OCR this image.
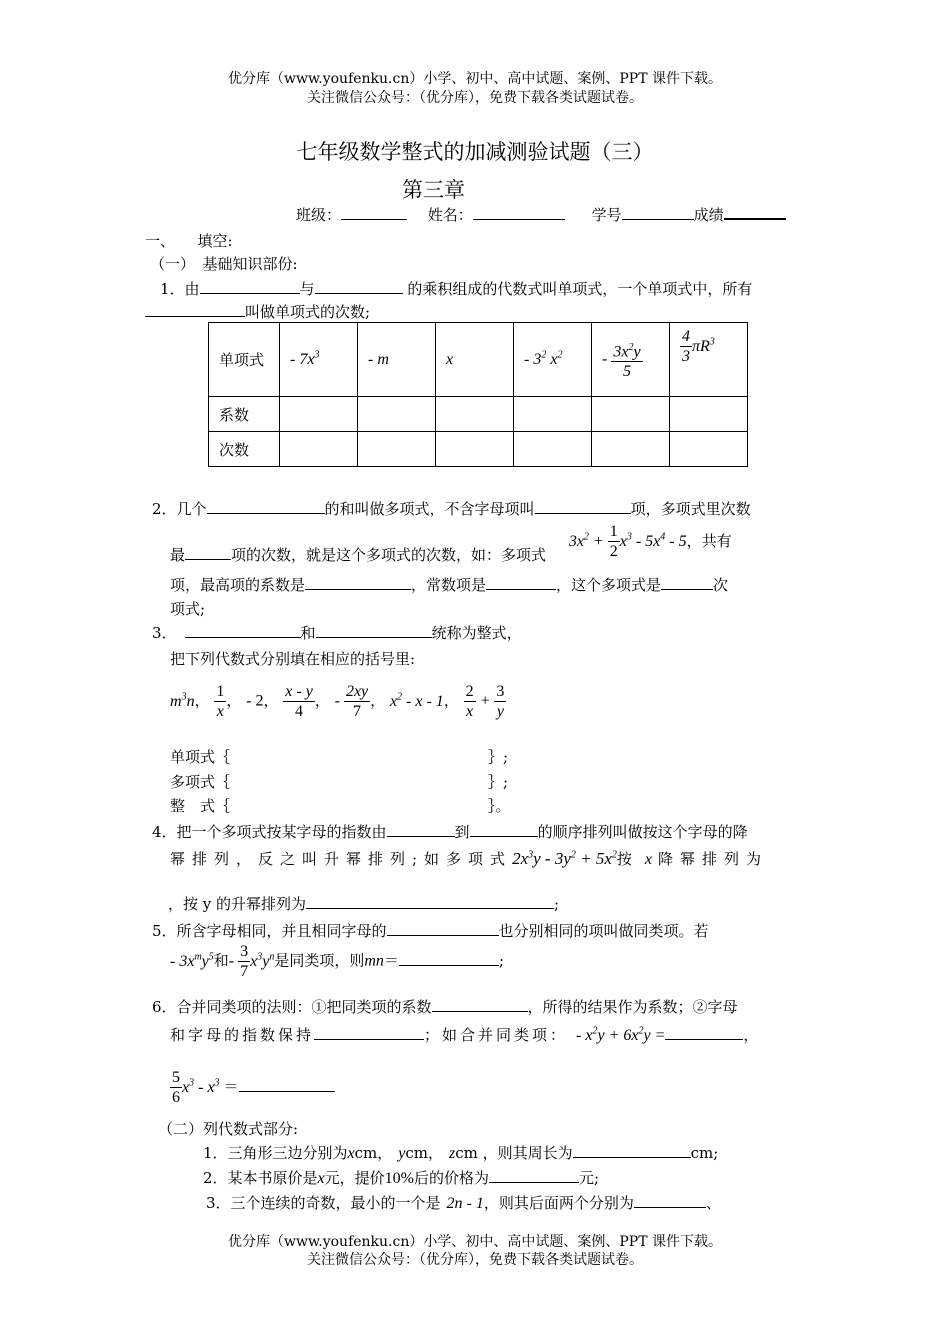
优分库（www.youfenku.cn）小学、初中、高中试题、案例、PPT 课件下载。
关注微信公众号：（优分库），免费下载各类试题试卷。
七年级数学整式的加减测验试题（三）
第三章
班级：	姓名：	学号	成绩
一、　　填空:
（一）　基础知识部份:
1．由	与	的乘积组成的代数式叫单项式，一个单项式中，所有
叫做单项式的次数;
单项式	- $7x^3$	- m	x	- $3^2$ $x^2$	- $\frac{3x^2y}{5}$	$\frac{4}{3} \pi R^3$
系数						
次数						
2．几个	的和叫做多项式，不含字母项叫	项，多项式里次数
最	项的次数，就是这个多项式的次数，如：多项式 $3x^2 + \frac{1}{2} x^3 - 5x^4 - 5$，共有
项，最高项的系数是	，常数项是	，这个多项式是	次
项式;
3．	和	统称为整式，
把下列代数式分别填在相应的括号里:
$m^3n$， $\frac{1}{x}$ ， - 2， $\frac{x - y}{4}$ ， - $\frac{2xy}{7}$ ， $x^2$ - x - 1， $\frac{2}{x} + \frac{3}{y}$
单项式｛	｝;
多项式｛	｝;
整　式｛	｝。
4．把一个多项式按某字母的指数由	到	的顺序排列叫做按这个字母的降
幂排列，反之叫升幂排列;如多项式$2x^3y - 3y^2 + 5x^2$按 x 降幂排列为
，按 y 的升幂排列为	;
5．所含字母相同，并且相同字母的	也分别相同的项叫做同类项。若
- $3x^my^5$和- $\frac{3}{7} x^3y^n$是同类项，则mn＝	;
6．合并同类项的法则：①把同类项的系数	，所得的结果作为系数；②字母
和字母的指数保持	；如合并同类项： - $x^2y + 6x^2y$ =	，
$\frac{5}{6} x^3 - x^3$ ＝
（二）列代数式部分:
1．三角形三边分别为xcm， ycm， zcm ，则其周长为	cm;
2．某本书原价是x元，提价10%后的价格为	元;
3．三个连续的奇数，最小的一个是 2n - 1，则其后面两个分别为	、
优分库（www.youfenku.cn）小学、初中、高中试题、案例、PPT 课件下载。
关注微信公众号：（优分库），免费下载各类试题试卷。
